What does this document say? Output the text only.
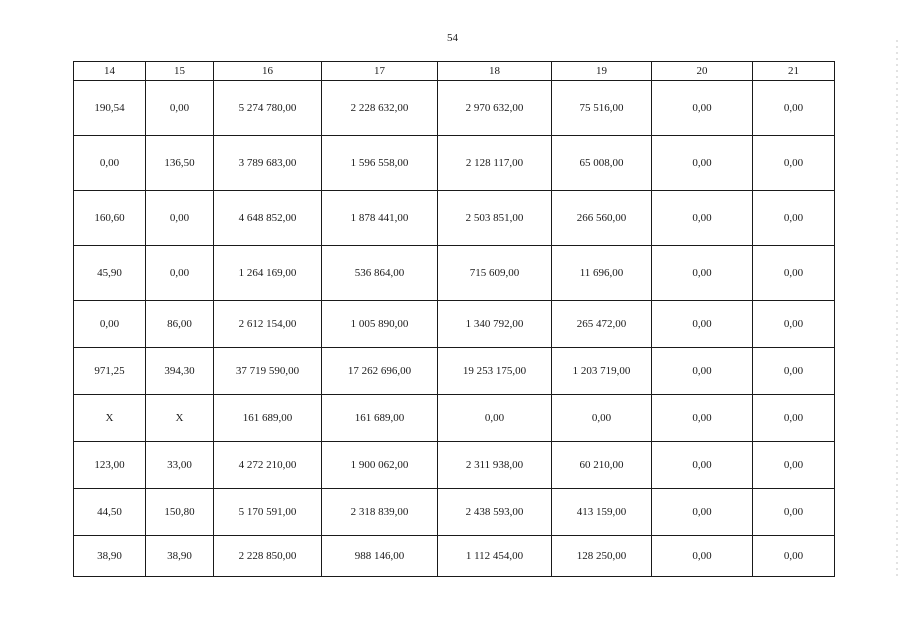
54
14	15	16	17	18	19	20	21
190,54	0,00	5 274 780,00	2 228 632,00	2 970 632,00	75 516,00	0,00	0,00
0,00	136,50	3 789 683,00	1 596 558,00	2 128 117,00	65 008,00	0,00	0,00
160,60	0,00	4 648 852,00	1 878 441,00	2 503 851,00	266 560,00	0,00	0,00
45,90	0,00	1 264 169,00	536 864,00	715 609,00	11 696,00	0,00	0,00
0,00	86,00	2 612 154,00	1 005 890,00	1 340 792,00	265 472,00	0,00	0,00
971,25	394,30	37 719 590,00	17 262 696,00	19 253 175,00	1 203 719,00	0,00	0,00
X	X	161 689,00	161 689,00	0,00	0,00	0,00	0,00
123,00	33,00	4 272 210,00	1 900 062,00	2 311 938,00	60 210,00	0,00	0,00
44,50	150,80	5 170 591,00	2 318 839,00	2 438 593,00	413 159,00	0,00	0,00
38,90	38,90	2 228 850,00	988 146,00	1 112 454,00	128 250,00	0,00	0,00
